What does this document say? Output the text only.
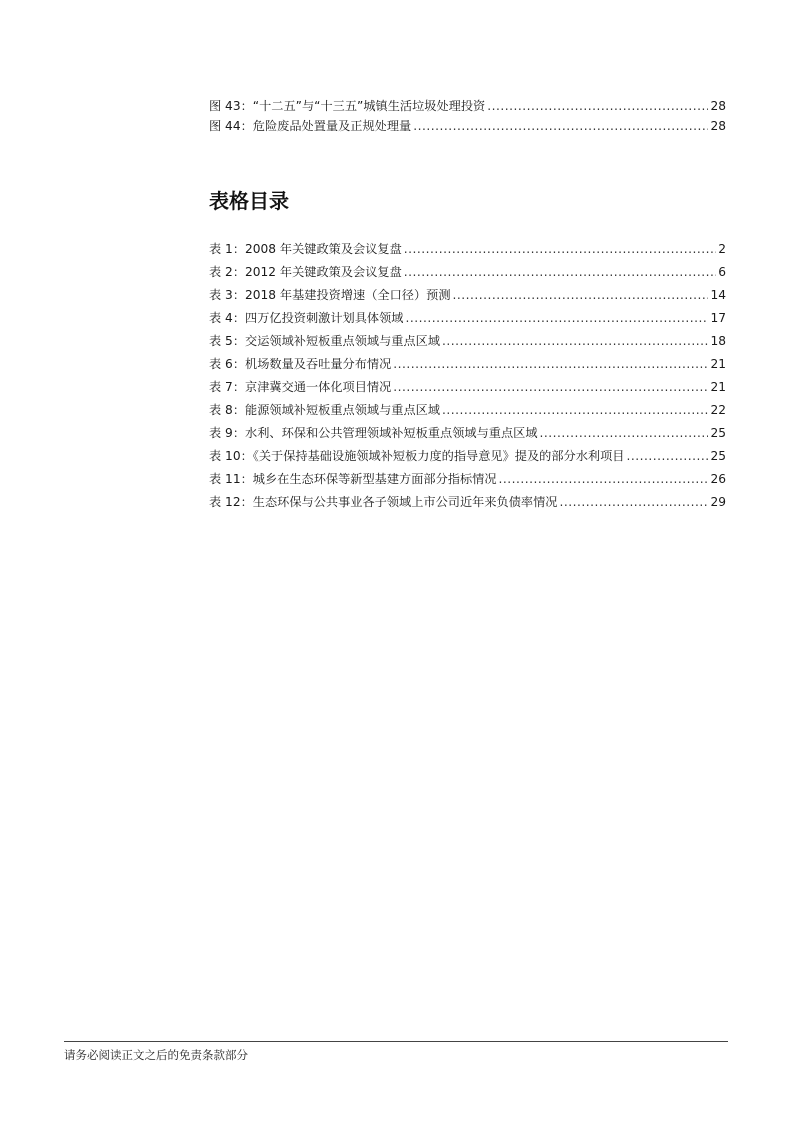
图 43：“十二五”与“十三五”城镇生活垃圾处理投资 .....	28
图 44：危险废品处置量及正规处理量 .....	28
表格目录
表 1：2008 年关键政策及会议复盘 .....	2
表 2：2012 年关键政策及会议复盘 .....	6
表 3：2018 年基建投资增速（全口径）预测 .....	14
表 4：四万亿投资刺激计划具体领域 .....	17
表 5：交运领域补短板重点领域与重点区域 .....	18
表 6：机场数量及吞吐量分布情况 .....	21
表 7：京津冀交通一体化项目情况 .....	21
表 8：能源领域补短板重点领域与重点区域 .....	22
表 9：水利、环保和公共管理领域补短板重点领域与重点区域 .....	25
表 10：《关于保持基础设施领域补短板力度的指导意见》提及的部分水利项目 .....	25
表 11：城乡在生态环保等新型基建方面部分指标情况 .....	26
表 12：生态环保与公共事业各子领域上市公司近年来负债率情况 .....	29
请务必阅读正文之后的免责条款部分
